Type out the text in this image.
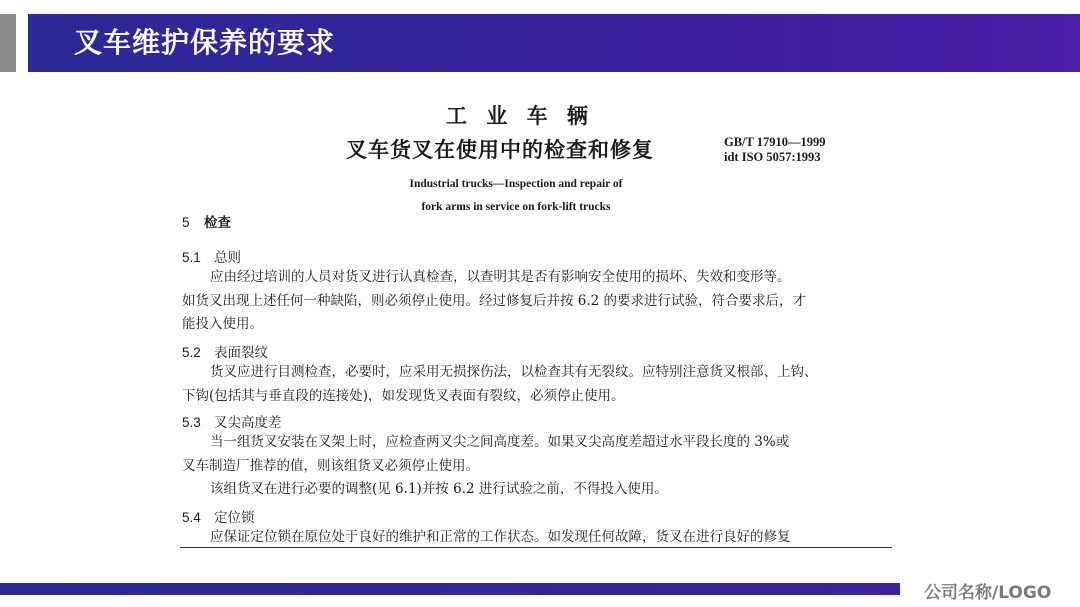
叉车维护保养的要求
工 业 车 辆
叉车货叉在使用中的检查和修复	GB/T 17910—1999
idt ISO 5057:1993
Industrial trucks—Inspection and repair of
fork arms in service on fork-lift trucks
5 检查
5.1 总则
应由经过培训的人员对货叉进行认真检查，以查明其是否有影响安全使用的损坏、失效和变形等。
如货叉出现上述任何一种缺陷，则必须停止使用。经过修复后并按 6.2 的要求进行试验，符合要求后，才
能投入使用。
5.2 表面裂纹
货叉应进行目测检查，必要时，应采用无损探伤法，以检查其有无裂纹。应特别注意货叉根部、上钩、
下钩(包括其与垂直段的连接处)，如发现货叉表面有裂纹，必须停止使用。
5.3 叉尖高度差
当一组货叉安装在叉架上时，应检查两叉尖之间高度差。如果叉尖高度差超过水平段长度的 3%或
叉车制造厂推荐的值，则该组货叉必须停止使用。
该组货叉在进行必要的调整(见 6.1)并按 6.2 进行试验之前，不得投入使用。
5.4 定位锁
应保证定位锁在原位处于良好的维护和正常的工作状态。如发现任何故障，货叉在进行良好的修复
公司名称/LOGO
